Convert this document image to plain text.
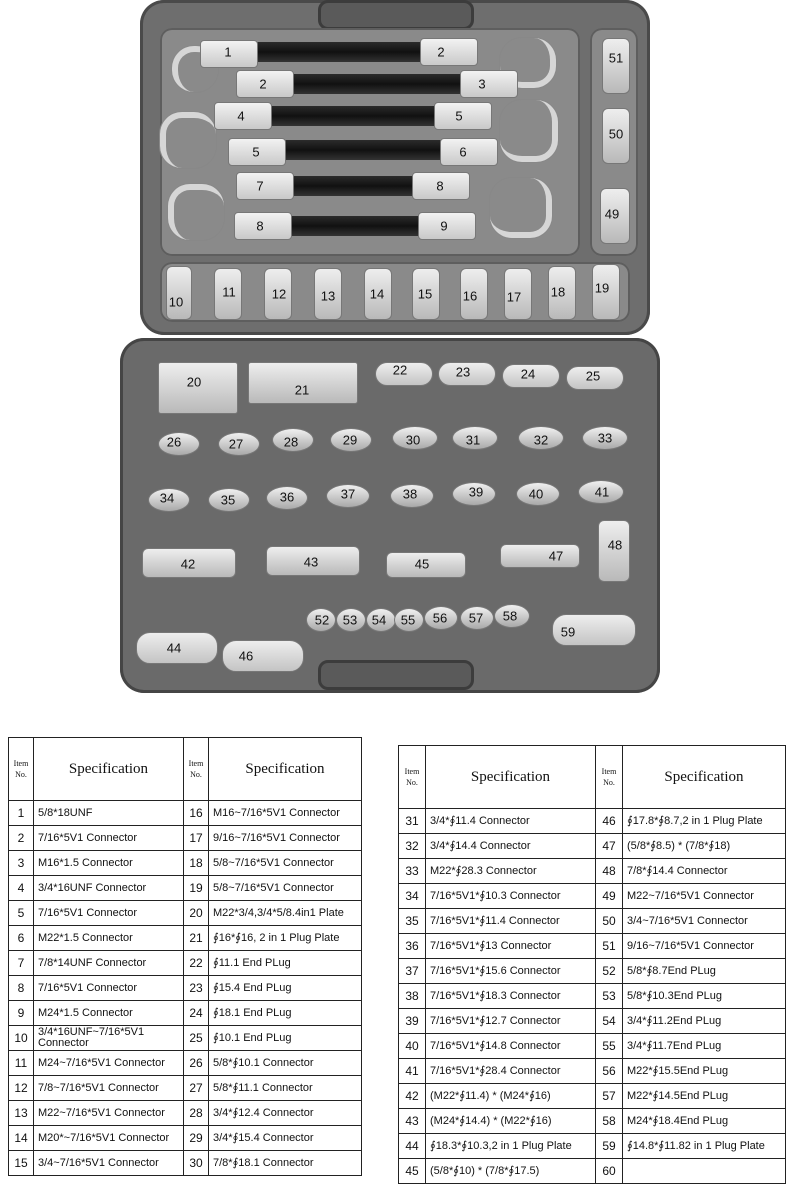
1	2
2	3
4	5
5	6
7	8
8	9
51
50
49
10
11	12	13	14	15 16 17 18 19
20
21
22	23	24	25
26	27	28	29	30	31	32	33
34	35	36	37	38	39	40	41
42	43	45
47
48
52 53 54 55 56 57 58
59
44
46
Item No.	Specification	Item No.	Specification
1	5/8*18UNF	16	M16~7/16*5V1 Connector
2	7/16*5V1 Connector	17	9/16~7/16*5V1 Connector
3	M16*1.5 Connector	18	5/8~7/16*5V1 Connector
4	3/4*16UNF Connector	19	5/8~7/16*5V1 Connector
5	7/16*5V1 Connector	20	M22*3/4,3/4*5/8.4in1 Plate
6	M22*1.5 Connector	21	∮16*∮16, 2 in 1 Plug Plate
7	7/8*14UNF Connector	22	∮11.1 End PLug
8	7/16*5V1 Connector	23	∮15.4 End PLug
9	M24*1.5 Connector	24	∮18.1 End PLug
10	3/4*16UNF~7/16*5V1 Connector	25	∮10.1 End PLug
11	M24~7/16*5V1 Connector	26	5/8*∮10.1 Connector
12	7/8~7/16*5V1 Connector	27	5/8*∮11.1 Connector
13	M22~7/16*5V1 Connector	28	3/4*∮12.4 Connector
14	M20*~7/16*5V1 Connector	29	3/4*∮15.4 Connector
15	3/4~7/16*5V1 Connector	30	7/8*∮18.1 Connector
Item No.	Specification	Item No.	Specification
31	3/4*∮11.4 Connector	46	∮17.8*∮8.7,2 in 1 Plug Plate
32	3/4*∮14.4 Connector	47	(5/8*∮8.5) * (7/8*∮18)
33	M22*∮28.3 Connector	48	7/8*∮14.4 Connector
34	7/16*5V1*∮10.3 Connector	49	M22~7/16*5V1 Connector
35	7/16*5V1*∮11.4 Connector	50	3/4~7/16*5V1 Connector
36	7/16*5V1*∮13 Connector	51	9/16~7/16*5V1 Connector
37	7/16*5V1*∮15.6 Connector	52	5/8*∮8.7End PLug
38	7/16*5V1*∮18.3 Connector	53	5/8*∮10.3End PLug
39	7/16*5V1*∮12.7 Connector	54	3/4*∮11.2End PLug
40	7/16*5V1*∮14.8 Connector	55	3/4*∮11.7End PLug
41	7/16*5V1*∮28.4 Connector	56	M22*∮15.5End PLug
42	(M22*∮11.4) * (M24*∮16)	57	M22*∮14.5End PLug
43	(M24*∮14.4) * (M22*∮16)	58	M24*∮18.4End PLug
44	∮18.3*∮10.3,2 in 1 Plug Plate	59	∮14.8*∮11.82 in 1 Plug Plate
45	(5/8*∮10) * (7/8*∮17.5)	60	
